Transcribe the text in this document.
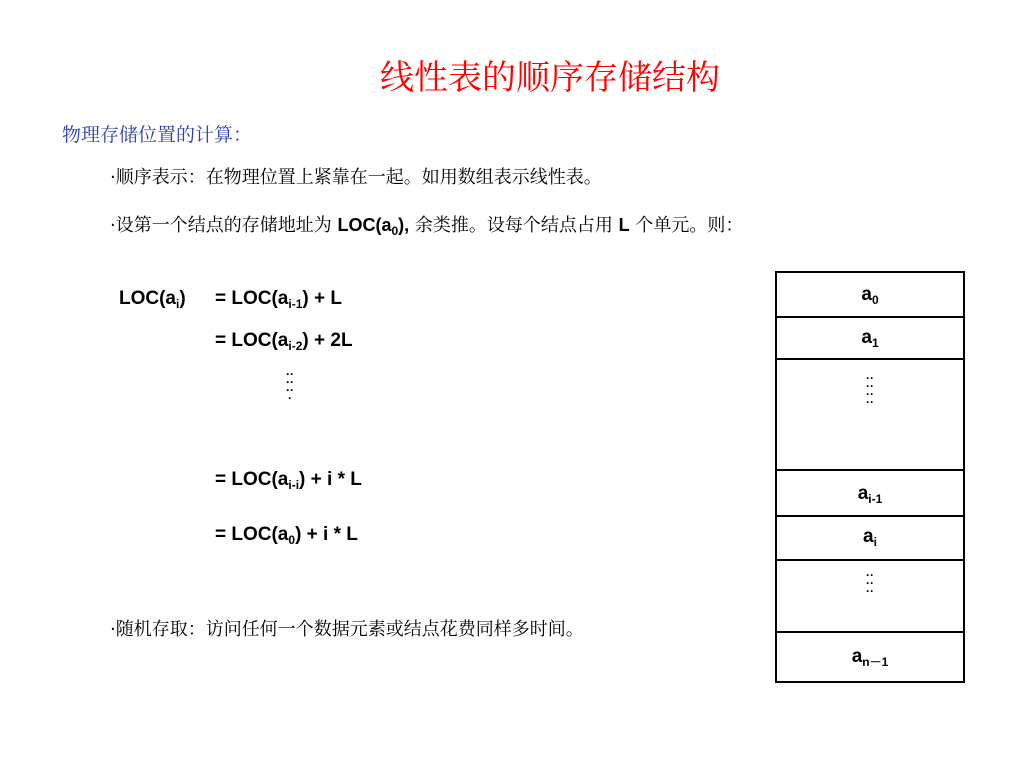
线性表的顺序存储结构
物理存储位置的计算：
·顺序表示：在物理位置上紧靠在一起。如用数组表示线性表。
·设第一个结点的存储地址为 $LOC(a_0)$, 余类推。设每个结点占用 L 个单元。则：
$LOC(a_i) = LOC(a_{i-1}) + L$
= $LOC(a_{i-2}) + 2L$
·······
= $LOC(a_{i-i}) + i * L$
= $LOC(a_0) + i * L$
·随机存取：访问任何一个数据元素或结点花费同样多时间。
$a_0$
$a_1$
········
$a_{i-1}$
$a_i$
······
$a_{n-1}$
